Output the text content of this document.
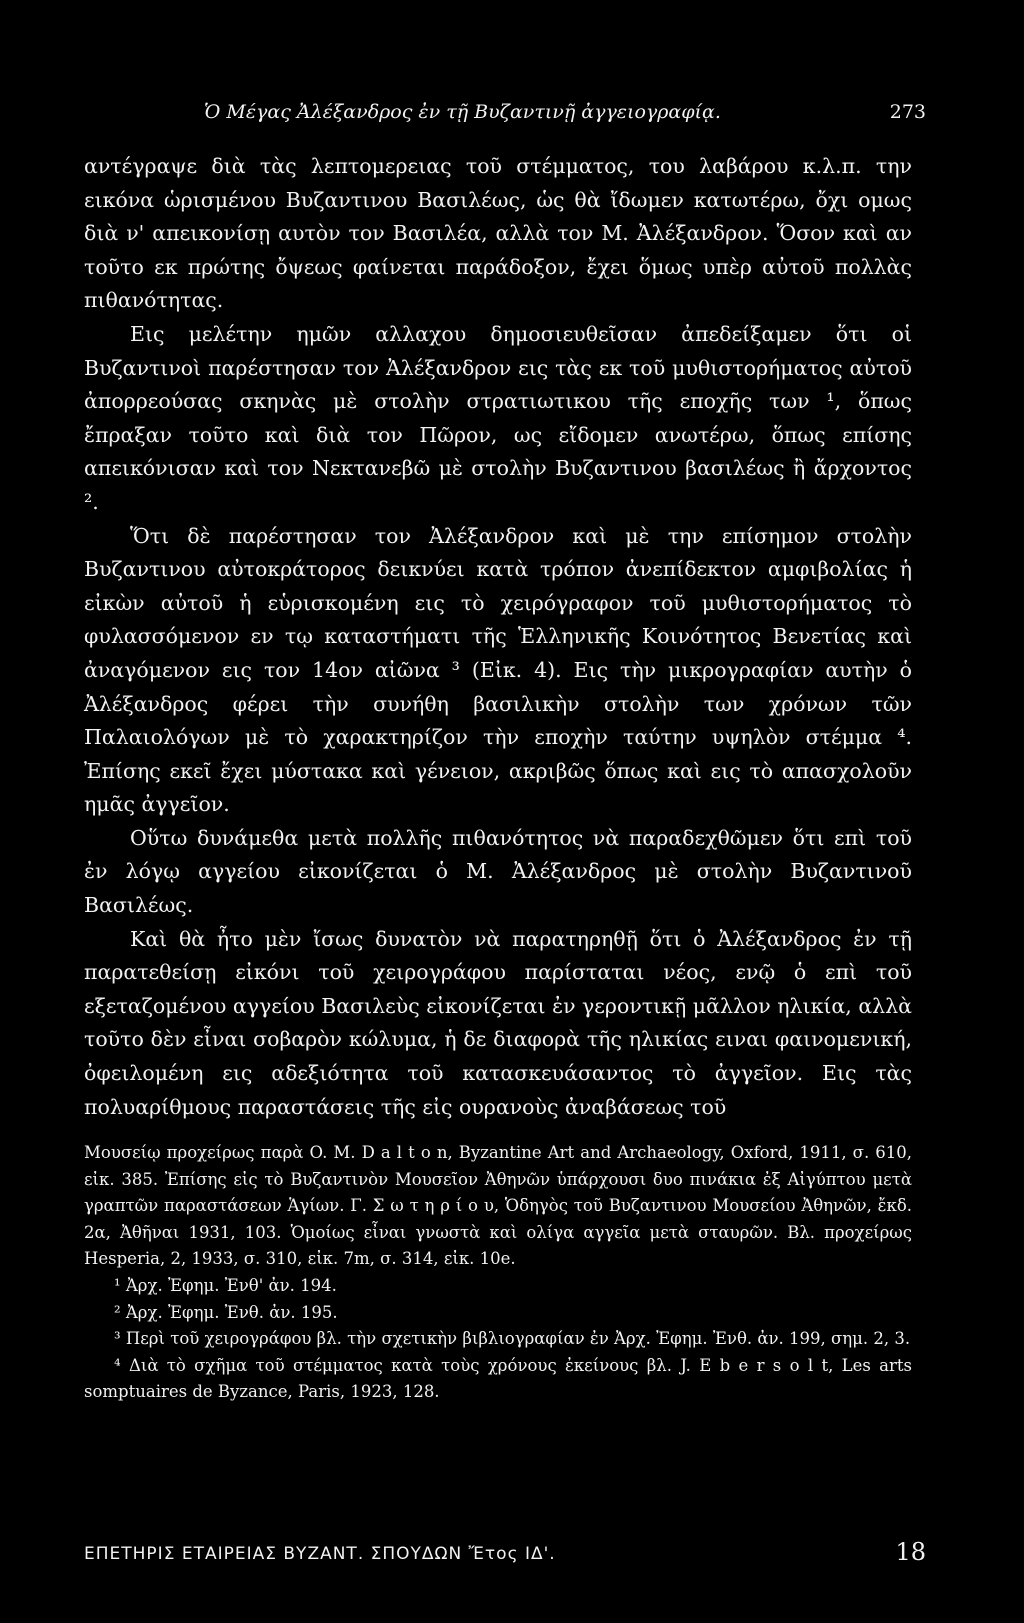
Ὁ Μέγας Ἀλέξανδρος ἐν τῇ Βυζαντινῇ ἀγγειογραφίᾳ.	273

αντέγραψε διὰ τὰς λεπτομερειας τοῦ στέμματος, του λαβάρου κ.λ.π. την εικόνα ὡρισμένου Βυζαντινου Βασιλέως, ὡς θὰ ἴδωμεν κατωτέρω, ὄχι ομως διὰ ν' απεικονίσῃ αυτὸν τον Βασιλέα, αλλὰ τον Μ. Ἀλέξανδρον. Ὅσον καὶ αν τοῦτο εκ πρώτης ὄψεως φαίνεται παράδοξον, ἔχει ὅμως υπὲρ αὐτοῦ πολλὰς πιθανότητας.

Εις μελέτην ημῶν αλλαχου δημοσιευθεῖσαν ἀπεδείξαμεν ὅτι οἱ Βυζαντινοὶ παρέστησαν τον Ἀλέξανδρον εις τὰς εκ τοῦ μυθιστορήματος αὐτοῦ ἀπορρεούσας σκηνὰς μὲ στολὴν στρατιωτικου τῆς εποχῆς των ¹, ὅπως ἔπραξαν τοῦτο καὶ διὰ τον Πῶρον, ως εἴδομεν ανωτέρω, ὅπως επίσης απεικόνισαν καὶ τον Νεκτανεβῶ μὲ στολὴν Βυζαντινου βασιλέως ἢ ἄρχοντος ².

Ὅτι δὲ παρέστησαν τον Ἀλέξανδρον καὶ μὲ την επίσημον στολὴν Βυζαντινου αὐτοκράτορος δεικνύει κατὰ τρόπον ἀνεπίδεκτον αμφιβολίας ἡ εἰκὼν αὐτοῦ ἡ εὑρισκομένη εις τὸ χειρόγραφον τοῦ μυθιστορήματος τὸ φυλασσόμενον εν τῳ καταστήματι τῆς Ἑλληνικῆς Κοινότητος Βενετίας καὶ ἀναγόμενον εις τον 14ον αἰῶνα ³ (Εἰκ. 4). Εις τὴν μικρογραφίαν αυτὴν ὁ Ἀλέξανδρος φέρει τὴν συνήθη βασιλικὴν στολὴν των χρόνων τῶν Παλαιολόγων μὲ τὸ χαρακτηρίζον τὴν εποχὴν ταύτην υψηλὸν στέμμα ⁴. Ἐπίσης εκεῖ ἔχει μύστακα καὶ γένειον, ακριβῶς ὅπως καὶ εις τὸ απασχολοῦν ημᾶς ἀγγεῖον.

Οὕτω δυνάμεθα μετὰ πολλῆς πιθανότητος νὰ παραδεχθῶμεν ὅτι επὶ τοῦ ἐν λόγῳ αγγείου εἰκονίζεται ὁ Μ. Ἀλέξανδρος μὲ στολὴν Βυζαντινοῦ Βασιλέως.

Καὶ θὰ ἦτο μὲν ἴσως δυνατὸν νὰ παρατηρηθῇ ὅτι ὁ Ἀλέξανδρος ἐν τῇ παρατεθείσῃ εἰκόνι τοῦ χειρογράφου παρίσταται νέος, ενῷ ὁ επὶ τοῦ εξεταζομένου αγγείου Βασιλεὺς εἰκονίζεται ἐν γεροντικῇ μᾶλλον ηλικία, αλλὰ τοῦτο δὲν εἶναι σοβαρὸν κώλυμα, ἡ δε διαφορὰ τῆς ηλικίας ειναι φαινομενική, ὀφειλομένη εις αδεξιότητα τοῦ κατασκευάσαντος τὸ ἀγγεῖον. Εις τὰς πολυαρίθμους παραστάσεις τῆς εἰς ουρανοὺς ἀναβάσεως τοῦ

Μουσείῳ προχείρως παρὰ O. M. D a l t o n, Byzantine Art and Archaeology, Oxford, 1911, σ. 610, εἰκ. 385. Ἐπίσης εἰς τὸ Βυζαντινὸν Μουσεῖον Ἀθηνῶν ὑπάρχουσι δυο πινάκια ἐξ Αἰγύπτου μετὰ γραπτῶν παραστάσεων Ἁγίων. Γ. Σ ω τ η ρ ί ο υ, Ὁδηγὸς τοῦ Βυζαντινου Μουσείου Ἀθηνῶν, ἔκδ. 2α, Ἀθῆναι 1931, 103. Ὁμοίως εἶναι γνωστὰ καὶ ολίγα αγγεῖα μετὰ σταυρῶν. Βλ. προχείρως Hesperia, 2, 1933, σ. 310, εἰκ. 7m, σ. 314, εἰκ. 10e.

¹ Ἀρχ. Ἐφημ. Ἐνθ' ἀν. 194.

² Ἀρχ. Ἐφημ. Ἐνθ. ἀν. 195.

³ Περὶ τοῦ χειρογράφου βλ. τὴν σχετικὴν βιβλιογραφίαν ἐν Ἀρχ. Ἐφημ. Ἐνθ. ἀν. 199, σημ. 2, 3.

⁴ Διὰ τὸ σχῆμα τοῦ στέμματος κατὰ τοὺς χρόνους ἐκείνους βλ. J. E b e r s o l t, Les arts somptuaires de Byzance, Paris, 1923, 128.

ΕΠΕΤΗΡΙΣ ΕΤΑΙΡΕΙΑΣ ΒΥΖΑΝΤ. ΣΠΟΥΔΩΝ Ἔτος ΙΔ'.	18
